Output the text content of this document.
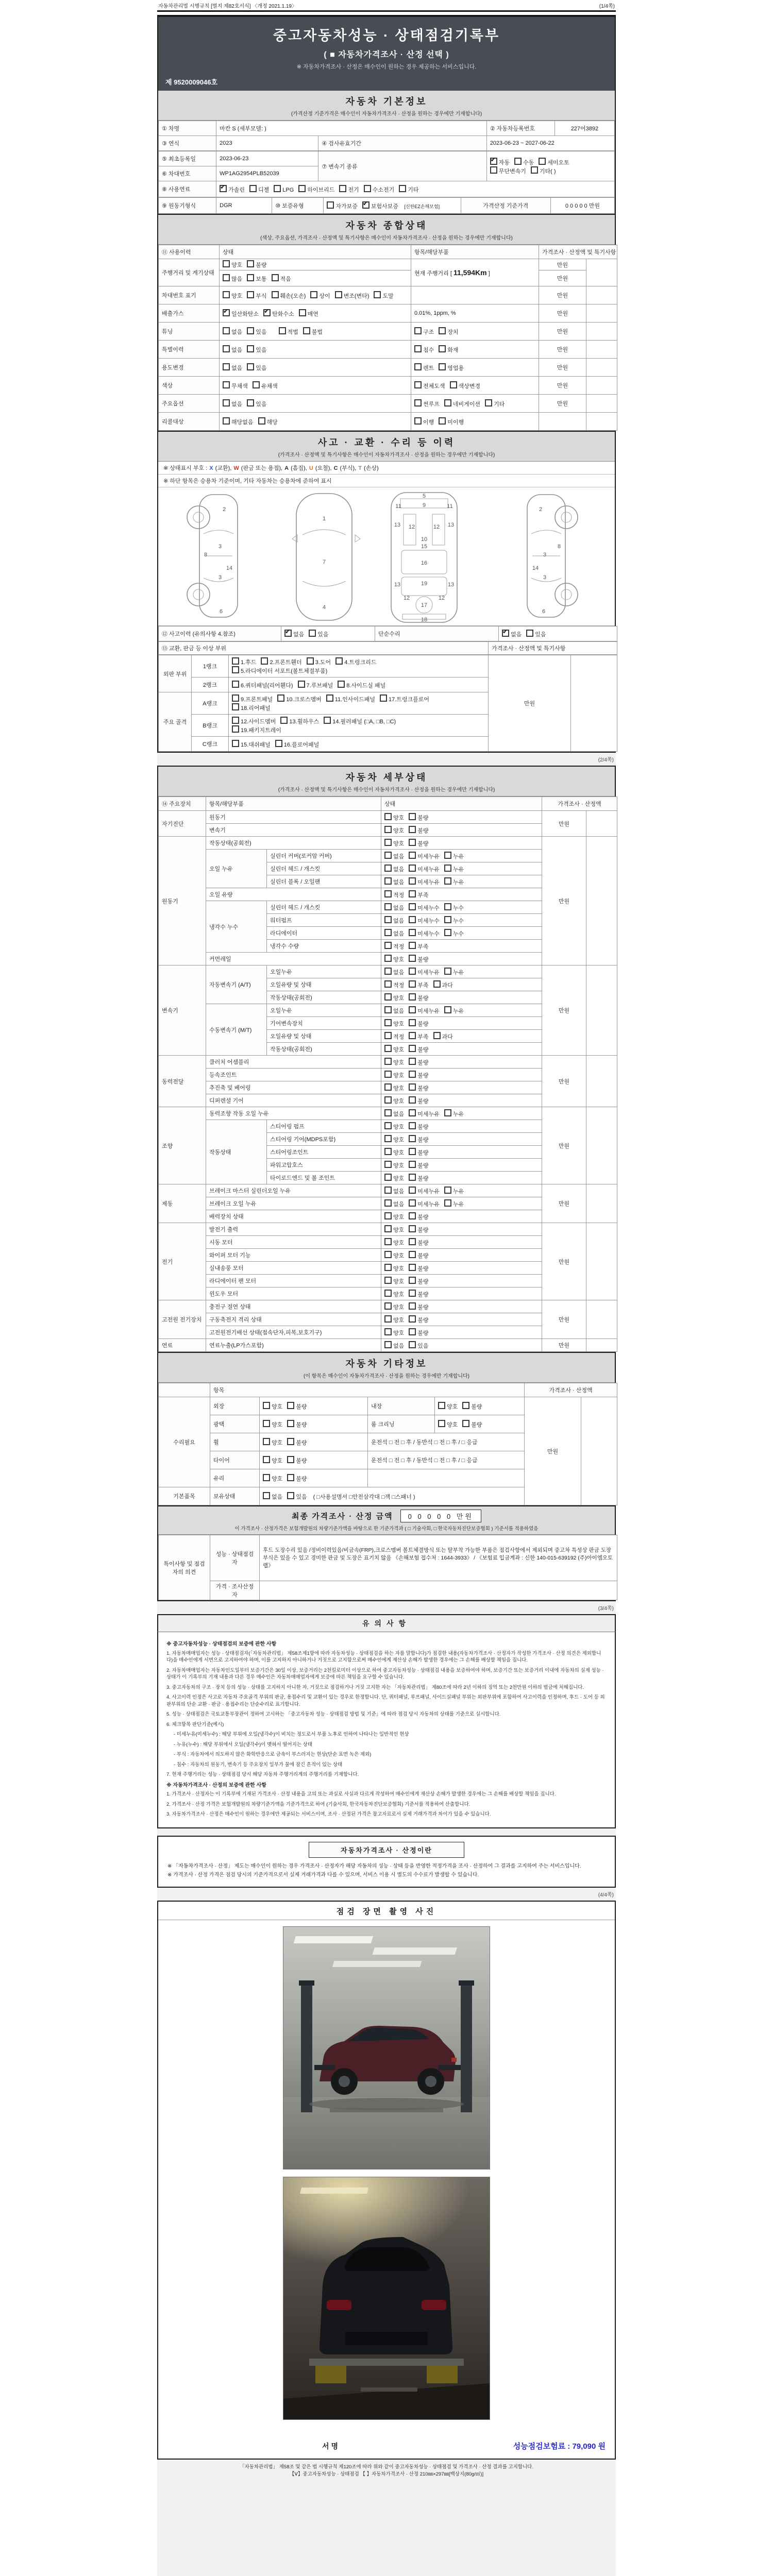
자동차관리법 시행규칙 [별지 제82호서식] 〈개정 2021.1.19〉	(1/4쪽)
중고자동차성능 · 상태점검기록부
( ■ 자동차가격조사 · 산정 선택 )
※ 자동차가격조사 · 산정은 매수인이 원하는 경우 제공하는 서비스입니다.
제 9520009046호
자동차 기본정보
(가격산정 기준가격은 매수인이 자동차가격조사 · 산정을 원하는 경우에만 기재합니다)
① 차명	마칸 S (세부모델: )		② 자동차등록번호	227어3892
③ 연식	2023	④ 검사유효기간	2023-06-23 ~ 2027-06-22	
⑤ 최초등록일	2023-06-23	⑦ 변속기 종류	✔자동 수동 세미오토
무단변속기 기타( )
⑥ 차대번호	WP1AG2954PLB52039		
⑧ 사용연료	✔가솔린 디젤 LPG 하이브리드 전기 수소전기 기타
⑨ 원동기형식	DGR	⑩ 보증유형	자가보증 ✔ 보험사보증 [신한EZ손해보험]	가격산정 기준가격	0 0 0 0 0 만원
자동차 종합상태
(색상, 주요옵션, 가격조사 · 산정액 및 특기사항은 매수인이 자동차가격조사 · 산정을 원하는 경우에만 기재합니다)
⑪ 사용이력	상태	항목/해당부품	가격조사 · 산정액 및 특기사항	
주행거리 및 계기상태	양호 불량	현재 주행거리 [ 11,594Km ]	만원	
	많음 보통 적음		만원	
차대번호 표기	양호 부식 훼손(오손) 상이 변조(변타) 도말		만원	
배출가스	✔일산화탄소 ✔ 탄화수소 매연	0.01%, 1ppm, %	만원	
튜닝	없음 있음 적법 불법	구조 장치	만원	
특별이력	없음 있음	침수 화재	만원	
용도변경	없음 있음	렌트 영업용	만원	
색상	무채색 유채색	전체도색 색상변경	만원	
주요옵션	없음 있음	썬루프 네비게이션 기타	만원	
리콜대상	해당없음 해당	이행 미이행		
사고 · 교환 · 수리 등 이력
(가격조사 · 산정액 및 특기사항은 매수인이 자동차가격조사 · 산정을 원하는 경우에만 기재합니다)
※ 상태표시 부호 : X (교환), W (판금 또는 용접), A (흠집), U (요철), C (부식), T (손상)
※ 하단 항목은 승용차 기준이며, 기타 자동차는 승용차에 준하여 표시
2
8
3
14
3
6
1
7
4
5
9
11	11
13 12	12 13
10
15
16
13	19	13
17
12	12
18
2
3
8
14
3
6
⑫ 사고이력 (유의사항 4.참조)	✔없음 있음	단순수리	✔없음 있음
⑬ 교환, 판금 등 이상 부위	가격조사 · 산정액 및 특기사항
외판 부위	1랭크	1.후드 2.프론트휀더 3.도어 4.트렁크리드
5.라디에이터 서포트(볼트체결부품)	만원	
	2랭크	6.쿼터패널(리어휀다) 7.루브패널 8.사이드실 패널		
주요 골격	A랭크	9.프론트패널 10.크로스멤버 11.인사이드패널 17.트렁크플로어
18.리어패널		
	B랭크	12.사이드멤버 13.휠하우스 14.필러패널 (□A, □B, □C)
19.패키지트레이		
	C랭크	15.대쉬패널 16.플로어패널		
(2/4쪽)
자동차 세부상태
(가격조사 · 산정액 및 특기사항은 매수인이 자동차가격조사 · 산정을 원하는 경우에만 기재합니다)
⑭ 주요장치	항목/해당부품		상태	가격조사 · 산정액	
자기진단	원동기		양호 불량	만원	
	변속기		양호 불량		
원동기	작동상태(공회전)		양호 불량	만원	
	오일 누유	실린더 커버(로커암 커버)	없음 미세누유 누유		
		실린더 헤드 / 개스킷	없음 미세누유 누유		
		실린더 블록 / 오일팬	없음 미세누유 누유		
	오일 유량		적정 부족		
	냉각수 누수	실린더 헤드 / 개스킷	없음 미세누수 누수		
		워터펌프	없음 미세누수 누수		
		라디에이터	없음 미세누수 누수		
		냉각수 수량	적정 부족		
	커먼레일		양호 불량		
변속기	자동변속기 (A/T)	오일누유	없음 미세누유 누유	만원	
		오일유량 및 상태	적정 부족 과다		
		작동상태(공회전)	양호 불량		
	수동변속기 (M/T)	오일누유	없음 미세누유 누유		
		기어변속장치	양호 불량		
		오일유량 및 상태	적정 부족 과다		
		작동상태(공회전)	양호 불량		
동력전달	클러치 어셈블리		양호 불량	만원	
	등속조인트		양호 불량		
	추진축 및 베어링		양호 불량		
	디퍼렌셜 기어		양호 불량		
조향	동력조향 작동 오일 누유		없음 미세누유 누유	만원	
	작동상태	스티어링 펌프	양호 불량		
		스티어링 기어(MDPS포함)	양호 불량		
		스티어링조인트	양호 불량		
		파워고압호스	양호 불량		
		타이로드엔드 및 볼 조인트	양호 불량		
제동	브레이크 마스터 실린더오일 누유		없음 미세누유 누유	만원	
	브레이크 오일 누유		없음 미세누유 누유		
	배력장치 상태		양호 불량		
전기	발전기 출력		양호 불량	만원	
	시동 모터		양호 불량		
	와이퍼 모터 기능		양호 불량		
	실내송풍 모터		양호 불량		
	라디에이터 팬 모터		양호 불량		
	윈도우 모터		양호 불량		
고전원 전기장치	충전구 절연 상태		양호 불량	만원	
	구동축전지 격리 상태		양호 불량		
	고전원전기배선 상태(접속단자,피복,보호기구)		양호 불량		
연료	연료누출(LP가스포함)		없음 있음	만원	
자동차 기타정보
(이 항목은 매수인이 자동차가격조사 · 산정을 원하는 경우에만 기재합니다)
	항목				가격조사 · 산정액	
수리필요	외장	양호 불량	내장	양호 불량	만원	
	광택	양호 불량	룸 크리닝	양호 불량		
	휠	양호 불량	운전석 □ 전 □ 후 / 동반석 □ 전 □ 후 / □ 응급			
	타이어	양호 불량	운전석 □ 전 □ 후 / 동반석 □ 전 □ 후 / □ 응급			
	유리	양호 불량				
기본품목	보유상태	없음 있음 ( □사용설명서 □안전삼각대 □잭 □스패너 )				
최종 가격조사 · 산정 금액 0 0 0 0 0 만원
이 가격조사 · 산정가격은 보험개발원의 차량기준가액을 바탕으로 한 기준가격과 ( □ 기술사회, □ 한국자동차진단보증협회 ) 기준서를 적용하였음
특이사항 및 점검자의 의견	성능 · 상태점검자	후드 도장수리 있음 /정비이력있음/비금속(FRP),크로스멤버 볼트체결방식 또는 탈부착 가능한 부품은 점검사항에서 제외되며 중고차 특성상 판금 도장 부식은 있을 수 있고 경미한 판금 및 도장은 표기치 않음 《손해보험 접수처 : 1644-3933》 / 《보험료 입금계좌 : 신한 140-015-639192 (주)아이엠오토랩》
	가격 · 조사산정자	
(3/4쪽)
유의사항
※ 중고자동차성능 · 상태점검의 보증에 관한 사항

1. 자동차매매업자는 성능 · 상태점검자(「자동차관리법」 제58조제1항에 따라 자동차성능 · 상태점검을 하는 자를 말합니다)가 점검한 내용(자동차가격조사 · 산정자가 작성한 가격조사 · 산정 의견은 제외합니다)을 매수인에게 서면으로 고지하여야 하며, 이를 고지하지 아니하거나 거짓으로 고지함으로써 매수인에게 재산상 손해가 발생한 경우에는 그 손해를 배상할 책임을 집니다.

2. 자동차매매업자는 자동차인도일부터 보증기간은 30일 이상, 보증거리는 2천킬로미터 이상으로 하여 중고자동차성능 · 상태점검 내용을 보증하여야 하며, 보증기간 또는 보증거리 이내에 자동차의 실제 성능 · 상태가 이 기록부의 기재 내용과 다른 경우 매수인은 자동차매매업자에게 보증에 따른 책임을 요구할 수 있습니다.

3. 중고자동차의 구조 · 장치 등의 성능 · 상태를 고지하지 아니한 자, 거짓으로 점검하거나 거짓 고지한 자는 「자동차관리법」 제80조에 따라 2년 이하의 징역 또는 2천만원 이하의 벌금에 처해집니다.

4. 사고이력 인정은 사고로 자동차 주요골격 부위의 판금, 용접수리 및 교환이 있는 경우로 한정합니다. 단, 쿼터패널, 루프패널, 사이드실패널 부위는 외판부위에 포함하여 사고이력을 인정하며, 후드 · 도어 등 외판부위의 단순 교환 · 판금 · 용접수리는 단순수리로 표기합니다.

5. 성능 · 상태점검은 국토교통부장관이 정하여 고시하는 「중고자동차 성능 · 상태점검 방법 및 기준」에 따라 점검 당시 자동차의 상태를 기준으로 실시합니다.

6. 체크항목 판단기준(예시)

- 미세누유(미세누수) : 해당 부위에 오일(냉각수)이 비치는 정도로서 부품 노후로 인하여 나타나는 일반적인 현상

- 누유(누수) : 해당 부위에서 오일(냉각수)이 맺혀서 떨어지는 상태

- 부식 : 자동차에서 의도하지 않은 화학반응으로 금속이 부스러지는 현상(단순 표면 녹은 제외)

- 침수 : 자동차의 원동기, 변속기 등 주요장치 일부가 물에 잠긴 흔적이 있는 상태

7. 현재 주행거리는 성능 · 상태점검 당시 해당 자동차 주행거리계의 주행거리를 기재합니다.

※ 자동차가격조사 · 산정의 보증에 관한 사항

1. 가격조사 · 산정자는 이 기록부에 기재된 가격조사 · 산정 내용을 고의 또는 과실로 사실과 다르게 작성하여 매수인에게 재산상 손해가 발생한 경우에는 그 손해를 배상할 책임을 집니다.

2. 가격조사 · 산정 가격은 보험개발원의 차량기준가액을 기준가격으로 하여 (기술사회, 한국자동차진단보증협회) 기준서를 적용하여 산출합니다.

3. 자동차가격조사 · 산정은 매수인이 원하는 경우에만 제공되는 서비스이며, 조사 · 산정된 가격은 참고자료로서 실제 거래가격과 차이가 있을 수 있습니다.

자동차가격조사 · 산정이란
※ 「자동차가격조사 · 산정」 제도는 매수인이 원하는 경우 가격조사 · 산정자가 해당 자동차의 성능 · 상태 등을 반영한 적정가격을 조사 · 산정하여 그 결과를 고지하여 주는 서비스입니다.
※ 가격조사 · 산정 가격은 점검 당시의 기준가격으로서 실제 거래가격과 다를 수 있으며, 서비스 이용 시 별도의 수수료가 발생할 수 있습니다.
(4/4쪽)
점검 장면 촬영 사진
서명	성능점검보험료 : 79,090 원
「자동차관리법」 제58조 및 같은 법 시행규칙 제120조에 따라 위와 같이 중고자동차성능 · 상태점검 및 가격조사 · 산정 결과를 고지합니다.
【Ⅴ】중고자동차성능 · 상태점검 【 】자동차가격조사 · 산정 210㎜×297㎜[백상지(80g/㎡)]
